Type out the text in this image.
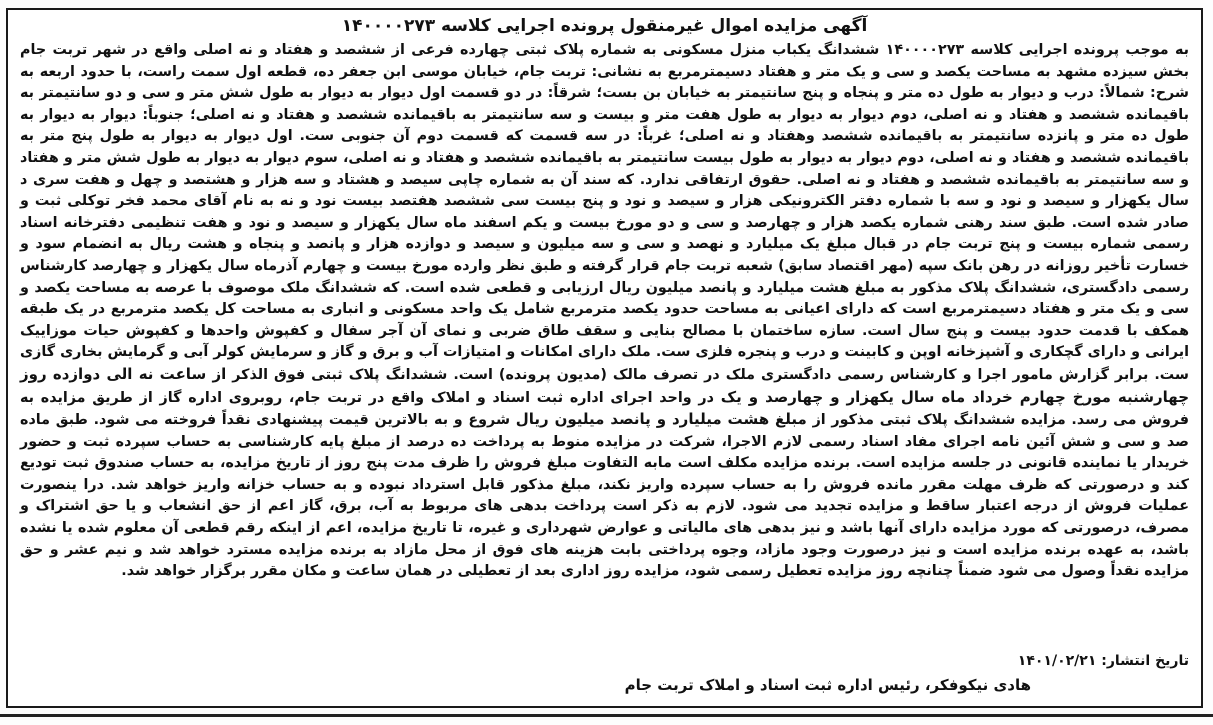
آگهی مزایده اموال غیرمنقول پرونده اجرایی کلاسه ۱۴۰۰۰۰۲۷۳
به موجب پرونده اجرایی کلاسه ۱۴۰۰۰۰۲۷۳ ششدانگ یکباب منزل مسکونی به شماره پلاک ثبتی چهارده فرعی از ششصد و هفتاد و نه اصلی واقع در شهر تربت جام بخش سیزده مشهد به مساحت یکصد و سی و یک متر و هفتاد دسیمترمربع به نشانی: تربت جام، خیابان موسی ابن جعفر ده، قطعه اول سمت راست، با حدود اربعه به شرح: شمالاً: درب و دیوار به طول ده متر و پنجاه و پنج سانتیمتر به خیابان بن بست؛ شرقاً: در دو قسمت اول دیوار به دیوار به طول شش متر و سی و دو سانتیمتر به باقیمانده ششصد و هفتاد و نه اصلی، دوم دیوار به دیوار به طول هفت متر و بیست و سه سانتیمتر به باقیمانده ششصد و هفتاد و نه اصلی؛ جنوباً: دیوار به دیوار به طول ده متر و پانزده سانتیمتر به باقیمانده ششصد وهفتاد و نه اصلی؛ غرباً: در سه قسمت که قسمت دوم آن جنوبی ست. اول دیوار به دیوار به طول پنج متر به باقیمانده ششصد و هفتاد و نه اصلی، دوم دیوار به دیوار به طول بیست سانتیمتر به باقیمانده ششصد و هفتاد و نه اصلی، سوم دیوار به دیوار به طول شش متر و هفتاد و سه سانتیمتر به باقیمانده ششصد و هفتاد و نه اصلی. حقوق ارتفاقی ندارد. که سند آن به شماره چاپی سیصد و هشتاد و سه هزار و هشتصد و چهل و هفت سری د سال یکهزار و سیصد و نود و سه با شماره دفتر الکترونیکی هزار و سیصد و نود و پنج بیست سی ششصد هفتصد بیست نود و نه به نام آقای محمد فخر توکلی ثبت و صادر شده است. طبق سند رهنی شماره یکصد هزار و چهارصد و سی و دو مورخ بیست و یکم اسفند ماه سال یکهزار و سیصد و نود و هفت تنظیمی دفترخانه اسناد رسمی شماره بیست و پنج تربت جام در قبال مبلغ یک میلیارد و نهصد و سی و سه میلیون و سیصد و دوازده هزار و پانصد و پنجاه و هشت ریال به انضمام سود و خسارت تأخیر روزانه در رهن بانک سپه (مهر اقتصاد سابق) شعبه تربت جام قرار گرفته و طبق نظر وارده مورخ بیست و چهارم آذرماه سال یکهزار و چهارصد کارشناس رسمی دادگستری، ششدانگ پلاک مذکور به مبلغ هشت میلیارد و پانصد میلیون ریال ارزیابی و قطعی شده است. که ششدانگ ملک موصوف با عرصه به مساحت یکصد و سی و یک متر و هفتاد دسیمترمربع است که دارای اعیانی به مساحت حدود یکصد مترمربع شامل یک واحد مسکونی و انباری به مساحت کل یکصد مترمربع در یک طبقه همکف با قدمت حدود بیست و پنج سال است. سازه ساختمان با مصالح بنایی و سقف طاق ضربی و نمای آن آجر سفال و کفپوش واحدها و کفپوش حیات موزاییک ایرانی و دارای گچکاری و آشپزخانه اوپن و کابینت و درب و پنجره فلزی ست. ملک دارای امکانات و امتیازات آب و برق و گاز و سرمایش کولر آبی و گرمایش بخاری گازی ست. برابر گزارش مامور اجرا و کارشناس رسمی دادگستری ملک در تصرف مالک (مدیون پرونده) است. ششدانگ پلاک ثبتی فوق الذکر از ساعت نه الی دوازده روز چهارشنبه مورخ چهارم خرداد ماه سال یکهزار و چهارصد و یک در واحد اجرای اداره ثبت اسناد و املاک واقع در تربت جام، روبروی اداره گاز از طریق مزایده به فروش می رسد. مزایده ششدانگ پلاک ثبتی مذکور از مبلغ هشت میلیارد و پانصد میلیون ریال شروع و به بالاترین قیمت پیشنهادی نقداً فروخته می شود. طبق ماده صد و سی و شش آئین نامه اجرای مفاد اسناد رسمی لازم الاجرا، شرکت در مزایده منوط به پرداخت ده درصد از مبلغ پایه کارشناسی به حساب سپرده ثبت و حضور خریدار یا نماینده قانونی در جلسه مزایده است. برنده مزایده مکلف است مابه التفاوت مبلغ فروش را ظرف مدت پنج روز از تاریخ مزایده، به حساب صندوق ثبت تودیع کند و درصورتی که ظرف مهلت مقرر مانده فروش را به حساب سپرده واریز نکند، مبلغ مذکور قابل استرداد نبوده و به حساب خزانه واریز خواهد شد. درا ینصورت عملیات فروش از درجه اعتبار ساقط و مزایده تجدید می شود. لازم به ذکر است پرداخت بدهی های مربوط به آب، برق، گاز اعم از حق انشعاب و یا حق اشتراک و مصرف، درصورتی که مورد مزایده دارای آنها باشد و نیز بدهی های مالیاتی و عوارض شهرداری و غیره، تا تاریخ مزایده، اعم از اینکه رقم قطعی آن معلوم شده یا نشده باشد، به عهده برنده مزایده است و نیز درصورت وجود مازاد، وجوه پرداختی بابت هزینه های فوق از محل مازاد به برنده مزایده مسترد خواهد شد و نیم عشر و حق مزایده نقداً وصول می شود ضمناً چنانچه روز مزایده تعطیل رسمی شود، مزایده روز اداری بعد از تعطیلی در همان ساعت و مکان مقرر برگزار خواهد شد.
تاریخ انتشار: ۱۴۰۱/۰۲/۲۱
هادی نیکوفکر، رئیس اداره ثبت اسناد و املاک تربت جام
